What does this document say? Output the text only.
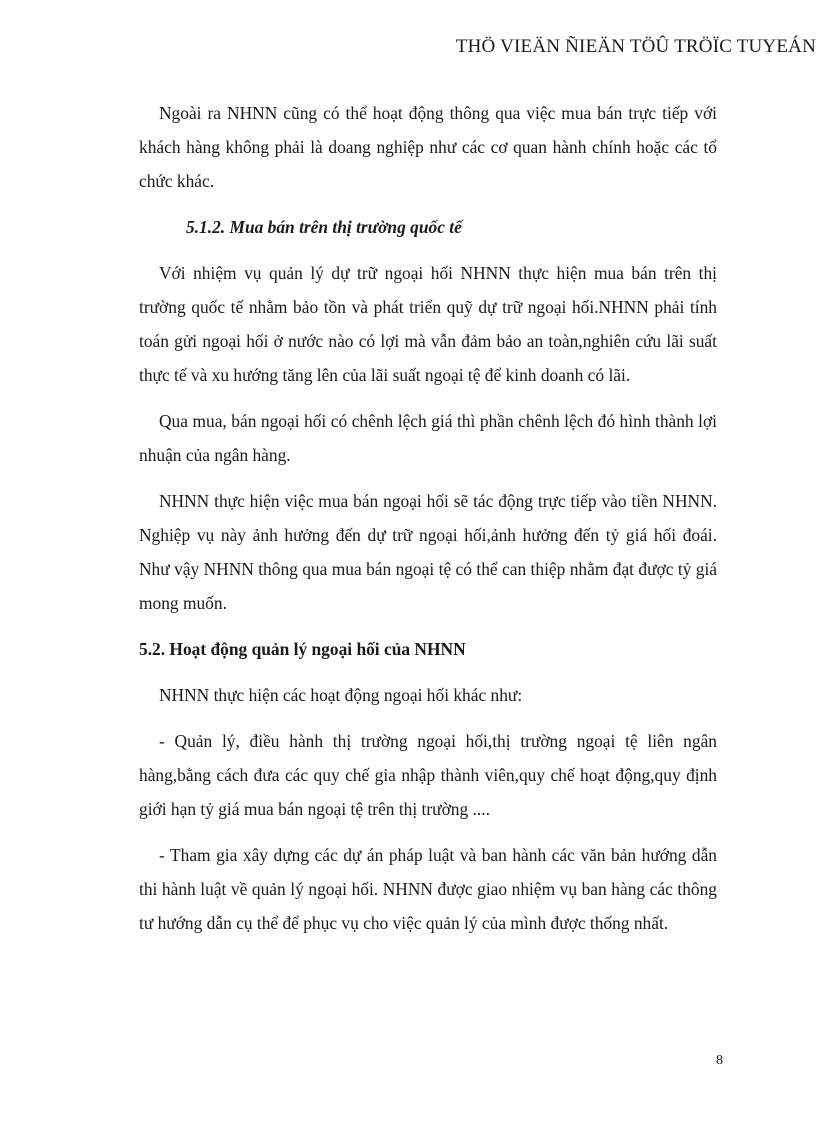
THÖ VIEÄN ÑIEÄN TÖÛ TRÖÏC TUYEÁN

Ngoài ra NHNN cũng có thể hoạt động thông qua việc mua bán trực tiếp với khách hàng không phải là doang nghiệp như các cơ quan hành chính hoặc các tổ chức khác.

5.1.2. Mua bán trên thị trường quốc tế

Với nhiệm vụ quản lý dự trữ ngoại hối NHNN thực hiện mua bán trên thị trường quốc tế nhằm bảo tồn và phát triển quỹ dự trữ ngoại hối.NHNN phải tính toán gửi ngoại hối ở nước nào có lợi mà vẫn đảm bảo an toàn,nghiên cứu lãi suất thực tế và xu hướng tăng lên của lãi suất ngoại tệ để kinh doanh có lãi.

Qua mua, bán ngoại hối có chênh lệch giá thì phần chênh lệch đó hình thành lợi nhuận của ngân hàng.

NHNN thực hiện việc mua bán ngoại hối sẽ tác động trực tiếp vào tiền NHNN. Nghiệp vụ này ảnh hưởng đến dự trữ ngoại hối,ảnh hưởng đến tỷ giá hối đoái. Như vậy NHNN thông qua mua bán ngoại tệ có thể can thiệp nhằm đạt được tỷ giá mong muốn.

5.2. Hoạt động quản lý ngoại hối của NHNN

NHNN thực hiện các hoạt động ngoại hối khác như:

- Quản lý, điều hành thị trường ngoại hối,thị trường ngoại tệ liên ngân hàng,bằng cách đưa các quy chế gia nhập thành viên,quy chế hoạt động,quy định giới hạn tỷ giá mua bán ngoại tệ trên thị trường ....

- Tham gia xây dựng các dự án pháp luật và ban hành các văn bản hướng dẫn thi hành luật về quản lý ngoại hối. NHNN được giao nhiệm vụ ban hàng các thông tư hướng dẫn cụ thể để phục vụ cho việc quản lý của mình được thống nhất.

8
